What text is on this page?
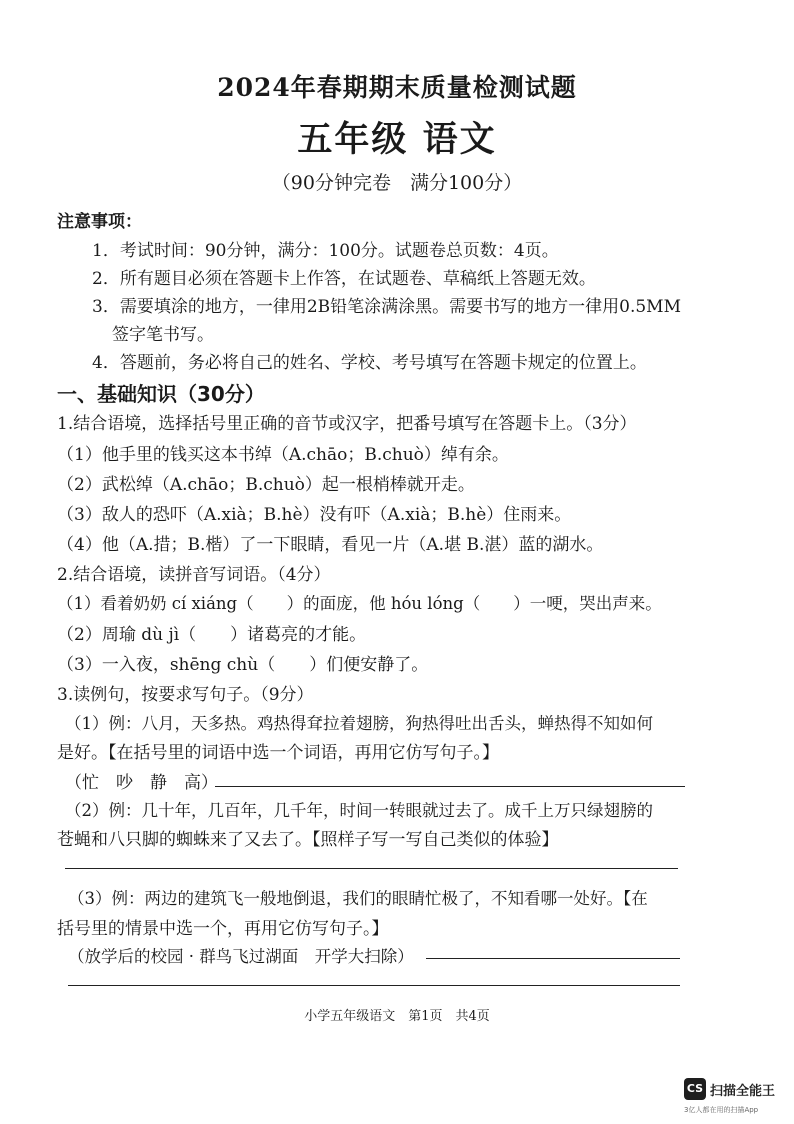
2024年春期期末质量检测试题
五年级 语文
（90分钟完卷　满分100分）
注意事项：
1．考试时间：90分钟，满分：100分。试题卷总页数：4页。
2．所有题目必须在答题卡上作答，在试题卷、草稿纸上答题无效。
3．需要填涂的地方，一律用2B铅笔涂满涂黑。需要书写的地方一律用0.5MM
签字笔书写。
4．答题前，务必将自己的姓名、学校、考号填写在答题卡规定的位置上。
一、基础知识（30分）
1.结合语境，选择括号里正确的音节或汉字，把番号填写在答题卡上。（3分）
（1）他手里的钱买这本书绰（A.chāo；B.chuò）绰有余。
（2）武松绰（A.chāo；B.chuò）起一根梢棒就开走。
（3）敌人的恐吓（A.xià；B.hè）没有吓（A.xià；B.hè）住雨来。
（4）他（A.措；B.楷）了一下眼睛，看见一片（A.堪 B.湛）蓝的湖水。
2.结合语境，读拼音写词语。（4分）
（1）看着奶奶 cí xiáng（　　）的面庞，他 hóu lóng（　　）一哽，哭出声来。
（2）周瑜 dù jì（　　）诸葛亮的才能。
（3）一入夜，shēng chù（　　）们便安静了。
3.读例句，按要求写句子。（9分）
（1）例：八月，天多热。鸡热得耷拉着翅膀，狗热得吐出舌头，蝉热得不知如何
是好。【在括号里的词语中选一个词语，再用它仿写句子。】
（忙　吵　静　高）
（2）例：几十年，几百年，几千年，时间一转眼就过去了。成千上万只绿翅膀的
苍蝇和八只脚的蜘蛛来了又去了。【照样子写一写自己类似的体验】
（3）例：两边的建筑飞一般地倒退，我们的眼睛忙极了，不知看哪一处好。【在
括号里的情景中选一个，再用它仿写句子。】
（放学后的校园 · 群鸟飞过湖面　开学大扫除）
小学五年级语文　第1页　共4页
CS 扫描全能王
3亿人都在用的扫描App
